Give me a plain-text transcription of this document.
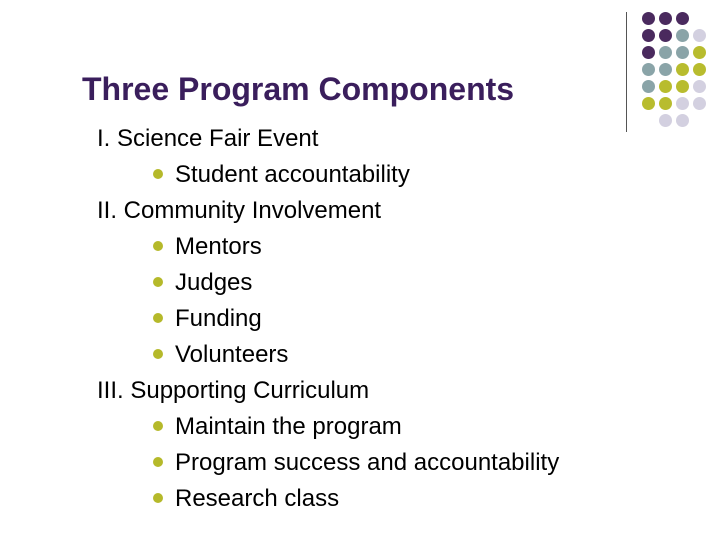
Three Program Components
I. Science Fair Event
Student accountability
II. Community Involvement
Mentors
Judges
Funding
Volunteers
III. Supporting Curriculum
Maintain the program
Program success and accountability
Research class
